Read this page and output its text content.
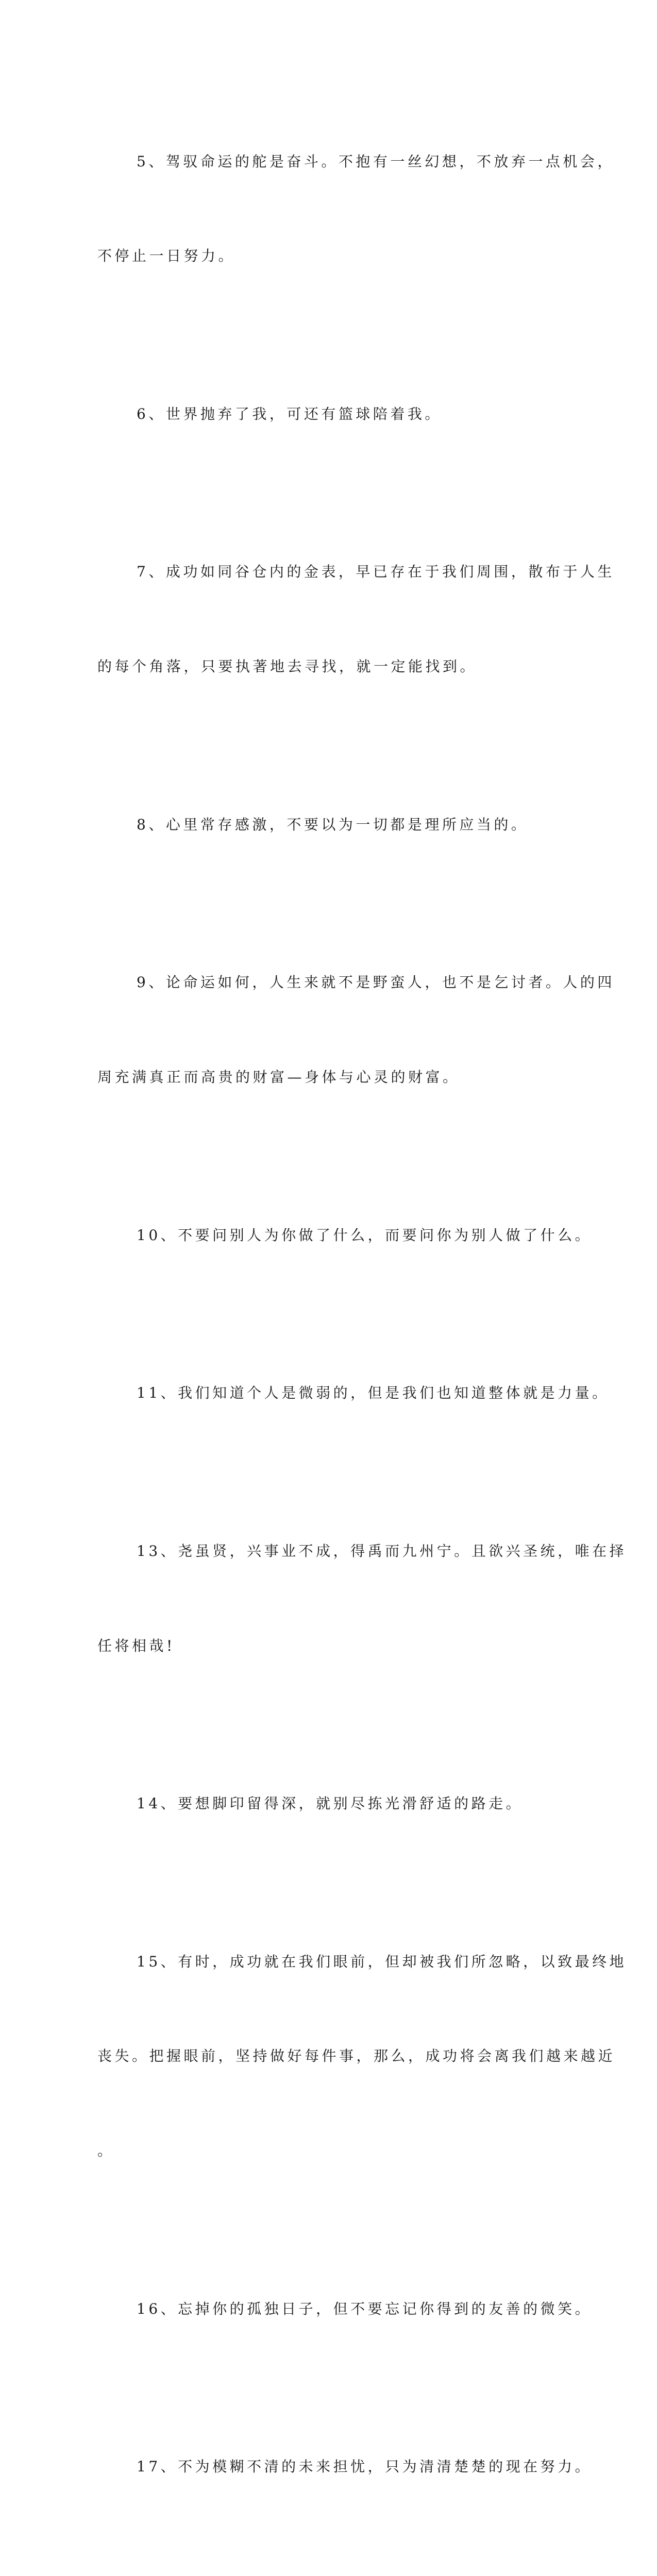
5、驾驭命运的舵是奋斗。不抱有一丝幻想，不放弃一点机会，

不停止一日努力。

6、世界抛弃了我，可还有篮球陪着我。

7、成功如同谷仓内的金表，早已存在于我们周围，散布于人生

的每个角落，只要执著地去寻找，就一定能找到。

8、心里常存感激，不要以为一切都是理所应当的。

9、论命运如何，人生来就不是野蛮人，也不是乞讨者。人的四

周充满真正而高贵的财富—身体与心灵的财富。

10、不要问别人为你做了什么，而要问你为别人做了什么。

11、我们知道个人是微弱的，但是我们也知道整体就是力量。

13、尧虽贤，兴事业不成，得禹而九州宁。且欲兴圣统，唯在择

任将相哉!

14、要想脚印留得深，就别尽拣光滑舒适的路走。

15、有时，成功就在我们眼前，但却被我们所忽略，以致最终地

丧失。把握眼前，坚持做好每件事，那么，成功将会离我们越来越近

。

16、忘掉你的孤独日子，但不要忘记你得到的友善的微笑。

17、不为模糊不清的未来担忧，只为清清楚楚的现在努力。
